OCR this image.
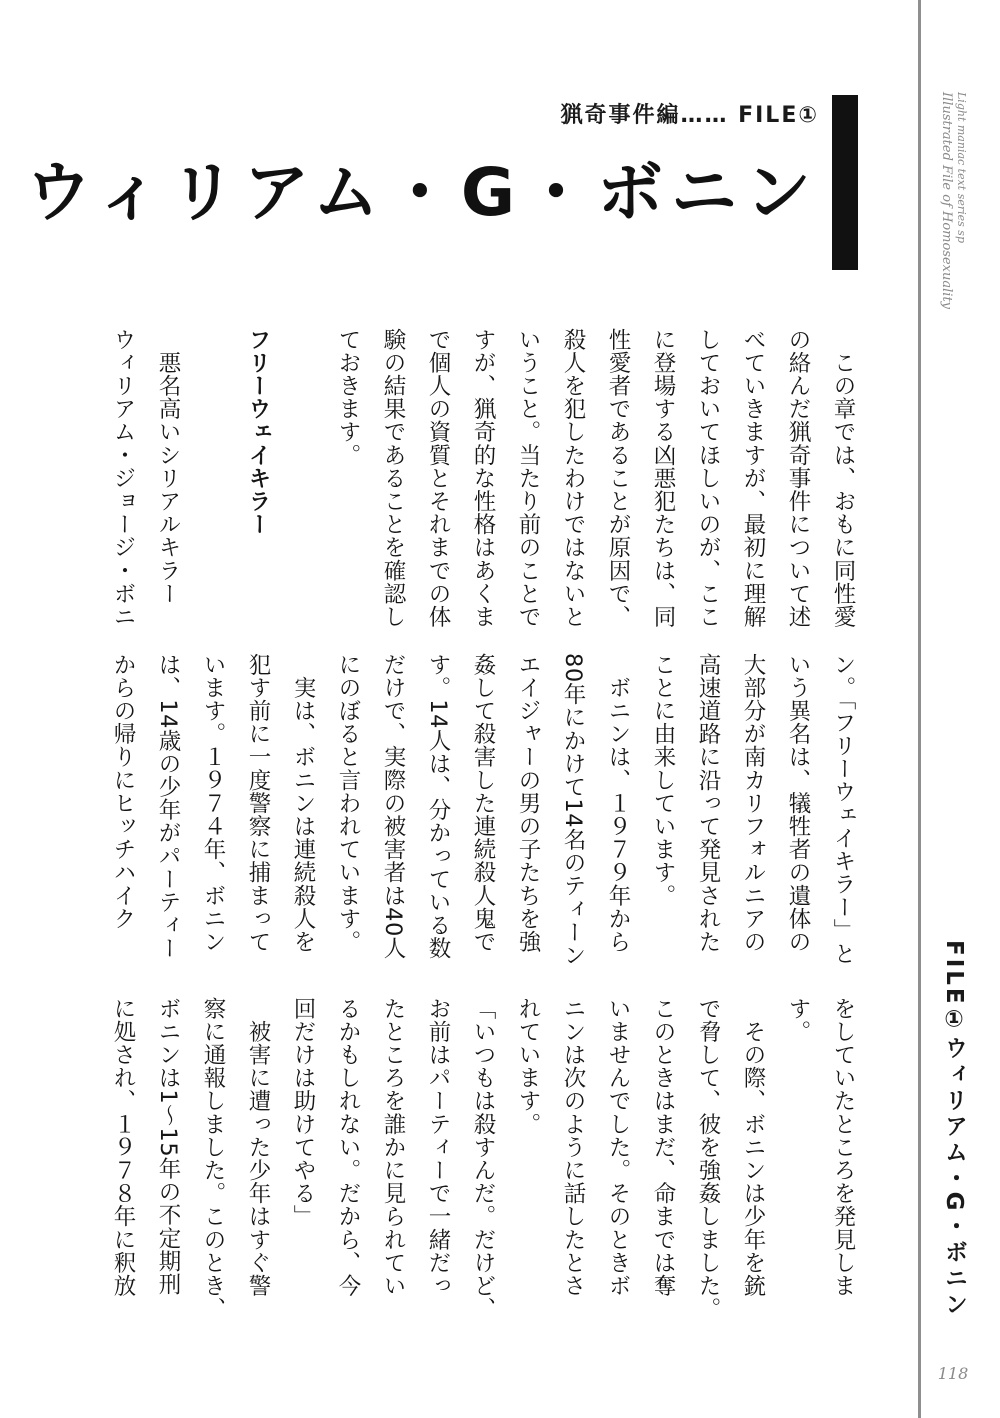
Light maniac text series sp
Illustrated File of Homosexuality
FILE①ウィリアム・G・ボニン
118
猟奇事件編…… FILE①
ウィリアム・G・ボニン
　この章では、おもに同性愛
の絡んだ猟奇事件について述
べていきますが、最初に理解
しておいてほしいのが、ここ
に登場する凶悪犯たちは、同
性愛者であることが原因で、
殺人を犯したわけではないと
いうこと。当たり前のことで
すが、猟奇的な性格はあくま
で個人の資質とそれまでの体
験の結果であることを確認し
ておきます。
フリーウェイキラー
　悪名高いシリアルキラー
ウィリアム・ジョージ・ボニ
ン。「フリーウェイキラー」と
いう異名は、犠牲者の遺体の
大部分が南カリフォルニアの
高速道路に沿って発見された
ことに由来しています。
　ボニンは、１９７９年から
80年にかけて14名のティーン
エイジャーの男の子たちを強
姦して殺害した連続殺人鬼で
す。14人は、分かっている数
だけで、実際の被害者は40人
にのぼると言われています。
　実は、ボニンは連続殺人を
犯す前に一度警察に捕まって
います。１９７４年、ボニン
は、14歳の少年がパーティー
からの帰りにヒッチハイク
をしていたところを発見しま
す。
　その際、ボニンは少年を銃
で脅して、彼を強姦しました。
このときはまだ、命までは奪
いませんでした。そのときボ
ニンは次のように話したとさ
れています。
「いつもは殺すんだ。だけど、
お前はパーティーで一緒だっ
たところを誰かに見られてい
るかもしれない。だから、今
回だけは助けてやる」
　被害に遭った少年はすぐ警
察に通報しました。このとき、
ボニンは1～15年の不定期刑
に処され、１９７８年に釈放
